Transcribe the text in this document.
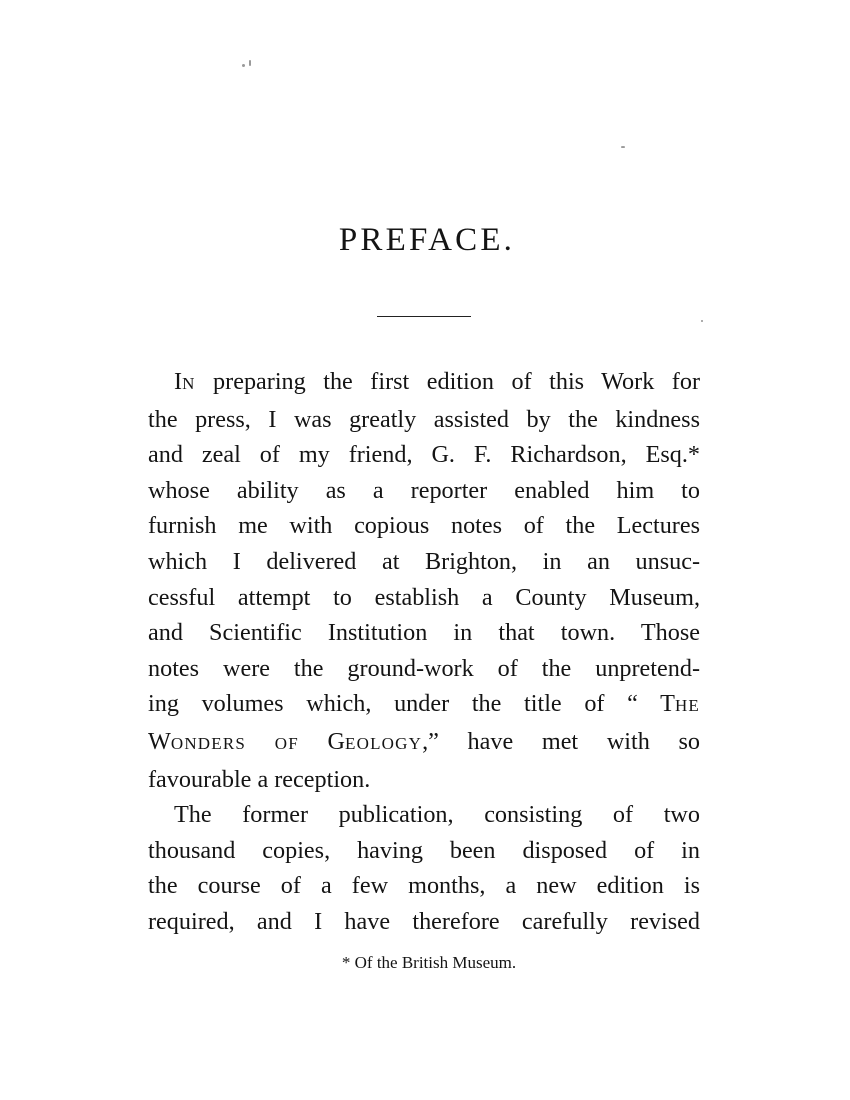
PREFACE.
IN preparing the first edition of this Work for
the press, I was greatly assisted by the kindness
and zeal of my friend, G. F. Richardson, Esq.*
whose ability as a reporter enabled him to
furnish me with copious notes of the Lectures
which I delivered at Brighton, in an unsuc-
cessful attempt to establish a County Museum,
and Scientific Institution in that town. Those
notes were the ground-work of the unpretend-
ing volumes which, under the title of “ THE
WONDERS OF GEOLOGY,” have met with so
favourable a reception.
The former publication, consisting of two
thousand copies, having been disposed of in
the course of a few months, a new edition is
required, and I have therefore carefully revised
* Of the British Museum.
